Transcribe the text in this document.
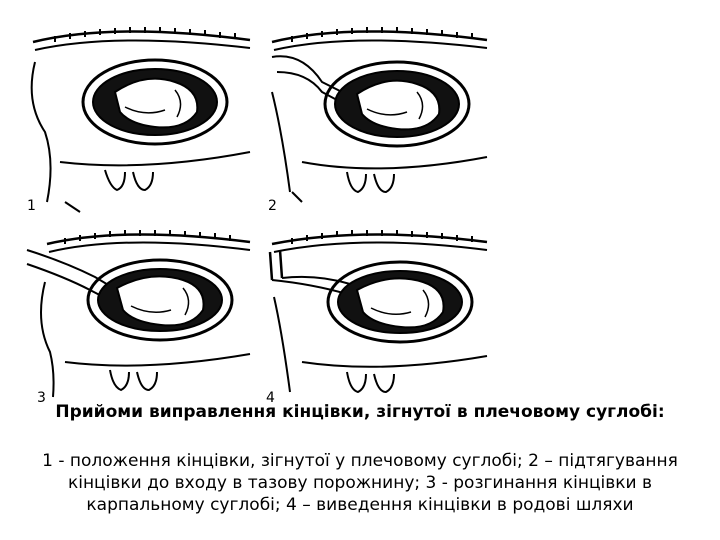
1	2
3	4
Прийоми виправлення кінцівки, зігнутої в плечовому суглобі:
1 - положення кінцівки, зігнутої у плечовому суглобі; 2 – підтягування кінцівки до входу в тазову порожнину; 3 - розгинання кінцівки в карпальному суглобі; 4 – виведення кінцівки в родові шляхи
